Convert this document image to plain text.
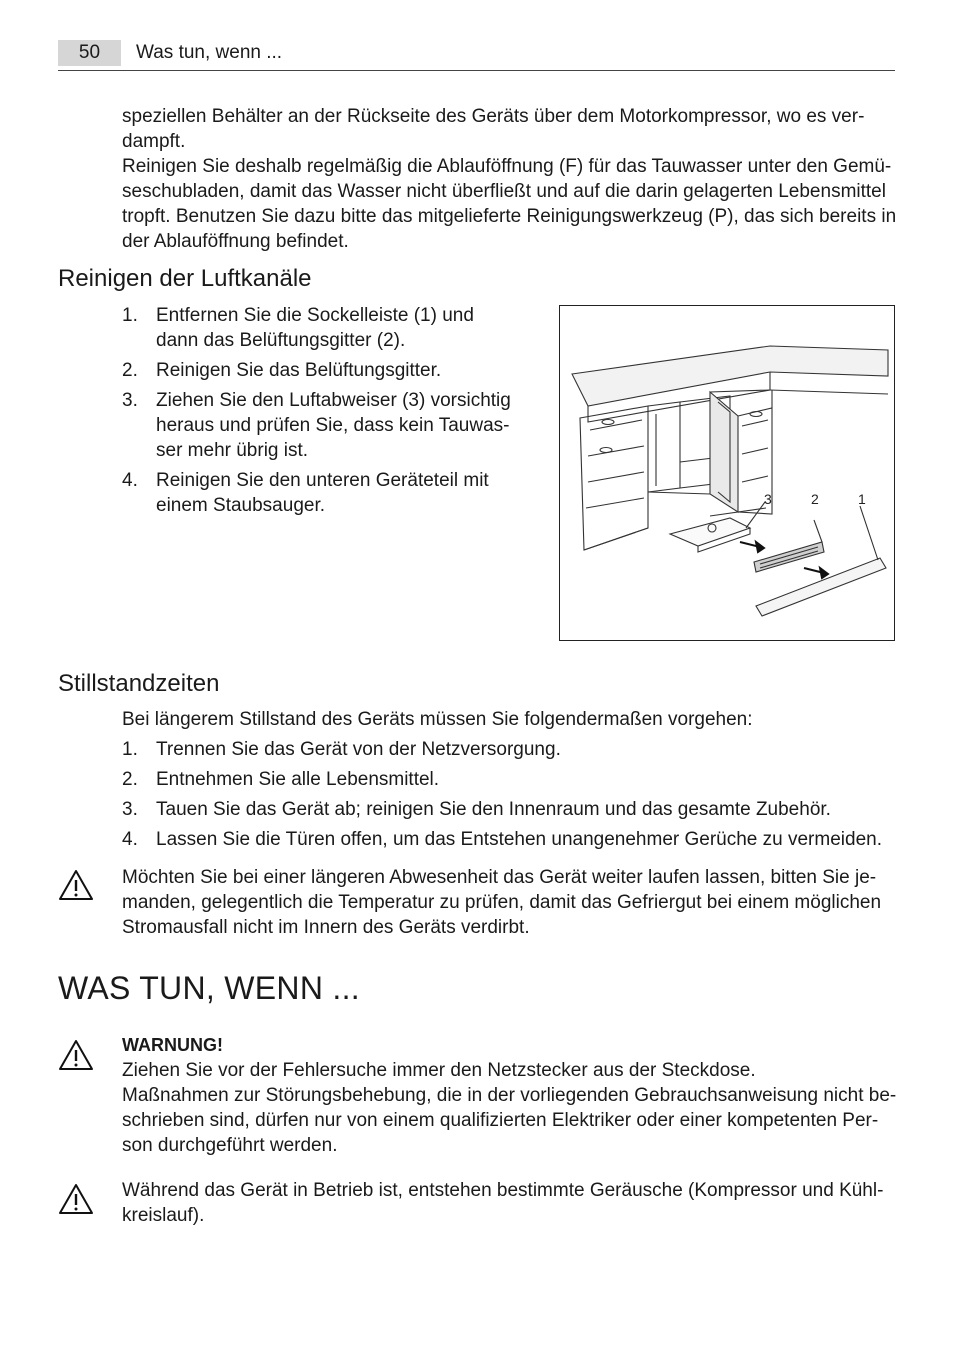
50	Was tun, wenn ...

speziellen Behälter an der Rückseite des Geräts über dem Motorkompressor, wo es ver-

dampft.

Reinigen Sie deshalb regelmäßig die Ablauföffnung (F) für das Tauwasser unter den Gemü-

seschubladen, damit das Wasser nicht überfließt und auf die darin gelagerten Lebensmittel

tropft. Benutzen Sie dazu bitte das mitgelieferte Reinigungswerkzeug (P), das sich bereits in

der Ablauföffnung befindet.

Reinigen der Luftkanäle
1. Entfernen Sie die Sockelleiste (1) und
dann das Belüftungsgitter (2).
2. Reinigen Sie das Belüftungsgitter.
3. Ziehen Sie den Luftabweiser (3) vorsichtig
heraus und prüfen Sie, dass kein Tauwas-
ser mehr übrig ist.
4. Reinigen Sie den unteren Geräteteil mit
einem Staubsauger.	3	2	1
Stillstandzeiten

Bei längerem Stillstand des Geräts müssen Sie folgendermaßen vorgehen:

1. Trennen Sie das Gerät von der Netzversorgung.
2. Entnehmen Sie alle Lebensmittel.
3. Tauen Sie das Gerät ab; reinigen Sie den Innenraum und das gesamte Zubehör.
4. Lassen Sie die Türen offen, um das Entstehen unangenehmer Gerüche zu vermeiden.

Möchten Sie bei einer längeren Abwesenheit das Gerät weiter laufen lassen, bitten Sie je-

manden, gelegentlich die Temperatur zu prüfen, damit das Gefriergut bei einem möglichen

Stromausfall nicht im Innern des Geräts verdirbt.

WAS TUN, WENN ...
WARNUNG!

Ziehen Sie vor der Fehlersuche immer den Netzstecker aus der Steckdose.

Maßnahmen zur Störungsbehebung, die in der vorliegenden Gebrauchsanweisung nicht be-

schrieben sind, dürfen nur von einem qualifizierten Elektriker oder einer kompetenten Per-

son durchgeführt werden.

Während das Gerät in Betrieb ist, entstehen bestimmte Geräusche (Kompressor und Kühl-

kreislauf).
